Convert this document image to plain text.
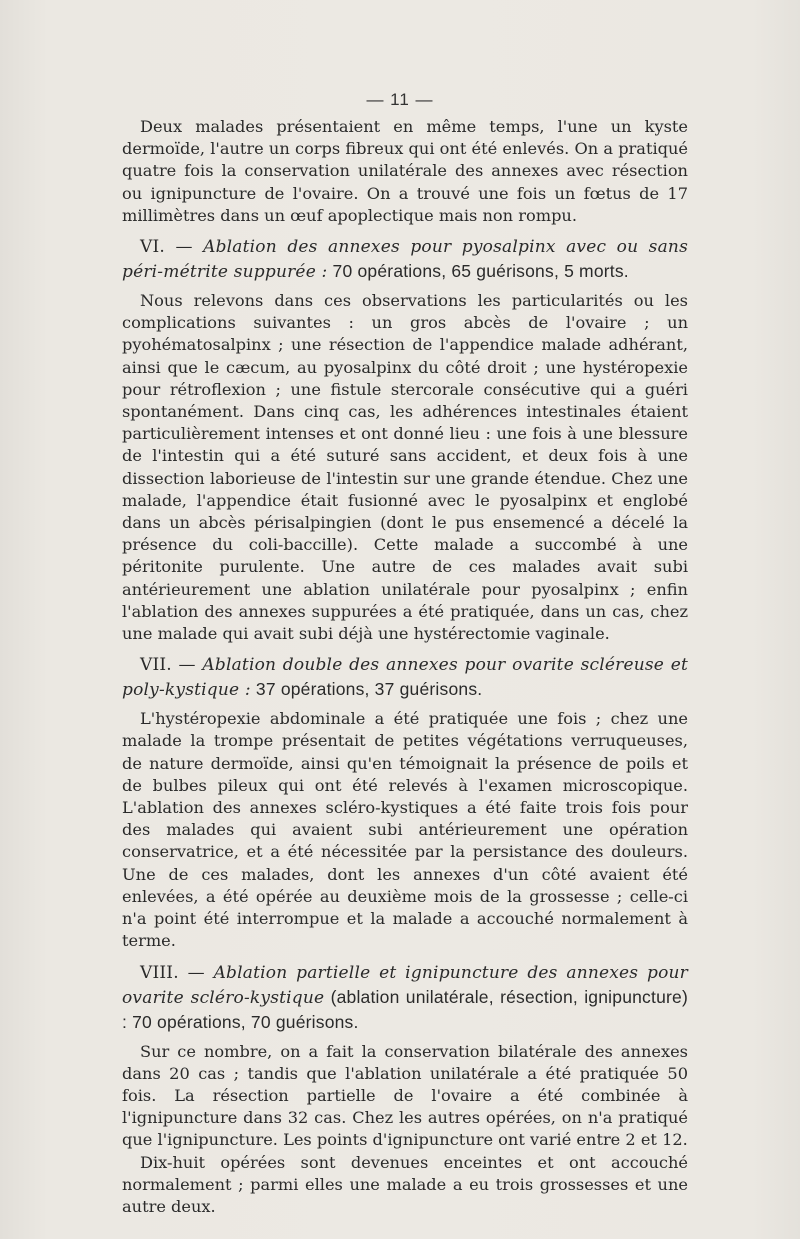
— 11 —

Deux malades présentaient en même temps, l'une un kyste dermoïde, l'autre un corps fibreux qui ont été enlevés. On a pratiqué quatre fois la conservation unilatérale des annexes avec résection ou ignipuncture de l'ovaire. On a trouvé une fois un fœtus de 17 millimètres dans un œuf apoplectique mais non rompu.

VI. — Ablation des annexes pour pyosalpinx avec ou sans péri-métrite suppurée : 70 opérations, 65 guérisons, 5 morts.

Nous relevons dans ces observations les particularités ou les complications suivantes : un gros abcès de l'ovaire ; un pyohématosalpinx ; une résection de l'appendice malade adhérant, ainsi que le cæcum, au pyosalpinx du côté droit ; une hystéropexie pour rétroflexion ; une fistule stercorale consécutive qui a guéri spontanément. Dans cinq cas, les adhérences intestinales étaient particulièrement intenses et ont donné lieu : une fois à une blessure de l'intestin qui a été suturé sans accident, et deux fois à une dissection laborieuse de l'intestin sur une grande étendue. Chez une malade, l'appendice était fusionné avec le pyosalpinx et englobé dans un abcès périsalpingien (dont le pus ensemencé a décelé la présence du coli-baccille). Cette malade a succombé à une péritonite purulente. Une autre de ces malades avait subi antérieurement une ablation unilatérale pour pyosalpinx ; enfin l'ablation des annexes suppurées a été pratiquée, dans un cas, chez une malade qui avait subi déjà une hystérectomie vaginale.

VII. — Ablation double des annexes pour ovarite scléreuse et poly-kystique : 37 opérations, 37 guérisons.

L'hystéropexie abdominale a été pratiquée une fois ; chez une malade la trompe présentait de petites végétations verruqueuses, de nature dermoïde, ainsi qu'en témoignait la présence de poils et de bulbes pileux qui ont été relevés à l'examen microscopique. L'ablation des annexes scléro-kystiques a été faite trois fois pour des malades qui avaient subi antérieurement une opération conservatrice, et a été nécessitée par la persistance des douleurs. Une de ces malades, dont les annexes d'un côté avaient été enlevées, a été opérée au deuxième mois de la grossesse ; celle-ci n'a point été interrompue et la malade a accouché normalement à terme.

VIII. — Ablation partielle et ignipuncture des annexes pour ovarite scléro-kystique (ablation unilatérale, résection, ignipuncture) : 70 opérations, 70 guérisons.

Sur ce nombre, on a fait la conservation bilatérale des annexes dans 20 cas ; tandis que l'ablation unilatérale a été pratiquée 50 fois. La résection partielle de l'ovaire a été combinée à l'ignipuncture dans 32 cas. Chez les autres opérées, on n'a pratiqué que l'ignipuncture. Les points d'ignipuncture ont varié entre 2 et 12.

Dix-huit opérées sont devenues enceintes et ont accouché normalement ; parmi elles une malade a eu trois grossesses et une autre deux.
